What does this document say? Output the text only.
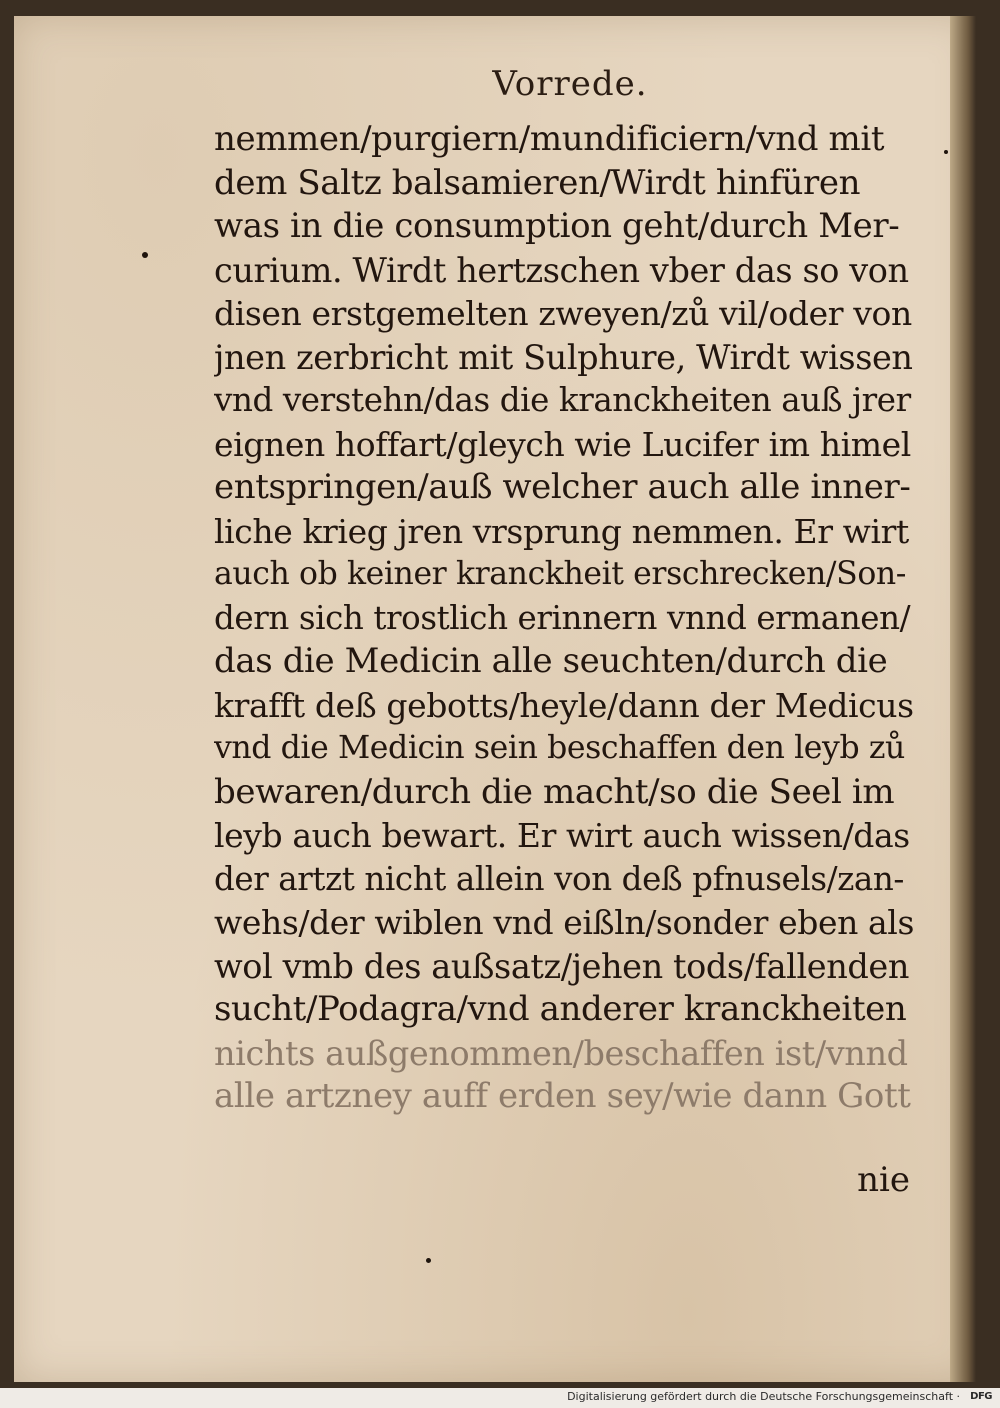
Vorrede.
nemmen/purgiern/mundificiern/vnd mit
dem Saltz balsamieren/Wirdt hinfüren
was in die consumption geht/durch Mer-
curium. Wirdt hertzschen vber das so von
disen erstgemelten zweyen/zů vil/oder von
jnen zerbricht mit Sulphure, Wirdt wissen
vnd verstehn/das die kranckheiten auß jrer
eignen hoffart/gleych wie Lucifer im himel
entspringen/auß welcher auch alle inner-
liche krieg jren vrsprung nemmen. Er wirt
auch ob keiner kranckheit erschrecken/Son-
dern sich trostlich erinnern vnnd ermanen/
das die Medicin alle seuchten/durch die
krafft deß gebotts/heyle/dann der Medicus
vnd die Medicin sein beschaffen den leyb zů
bewaren/durch die macht/so die Seel im
leyb auch bewart. Er wirt auch wissen/das
der artzt nicht allein von deß pfnusels/zan-
wehs/der wiblen vnd eißln/sonder eben als
wol vmb des außsatz/jehen tods/fallenden
sucht/Podagra/vnd anderer kranckheiten
nichts außgenommen/beschaffen ist/vnnd
alle artzney auff erden sey/wie dann Gott
nie
Digitalisierung gefördert durch die Deutsche Forschungsgemeinschaft · DFG
